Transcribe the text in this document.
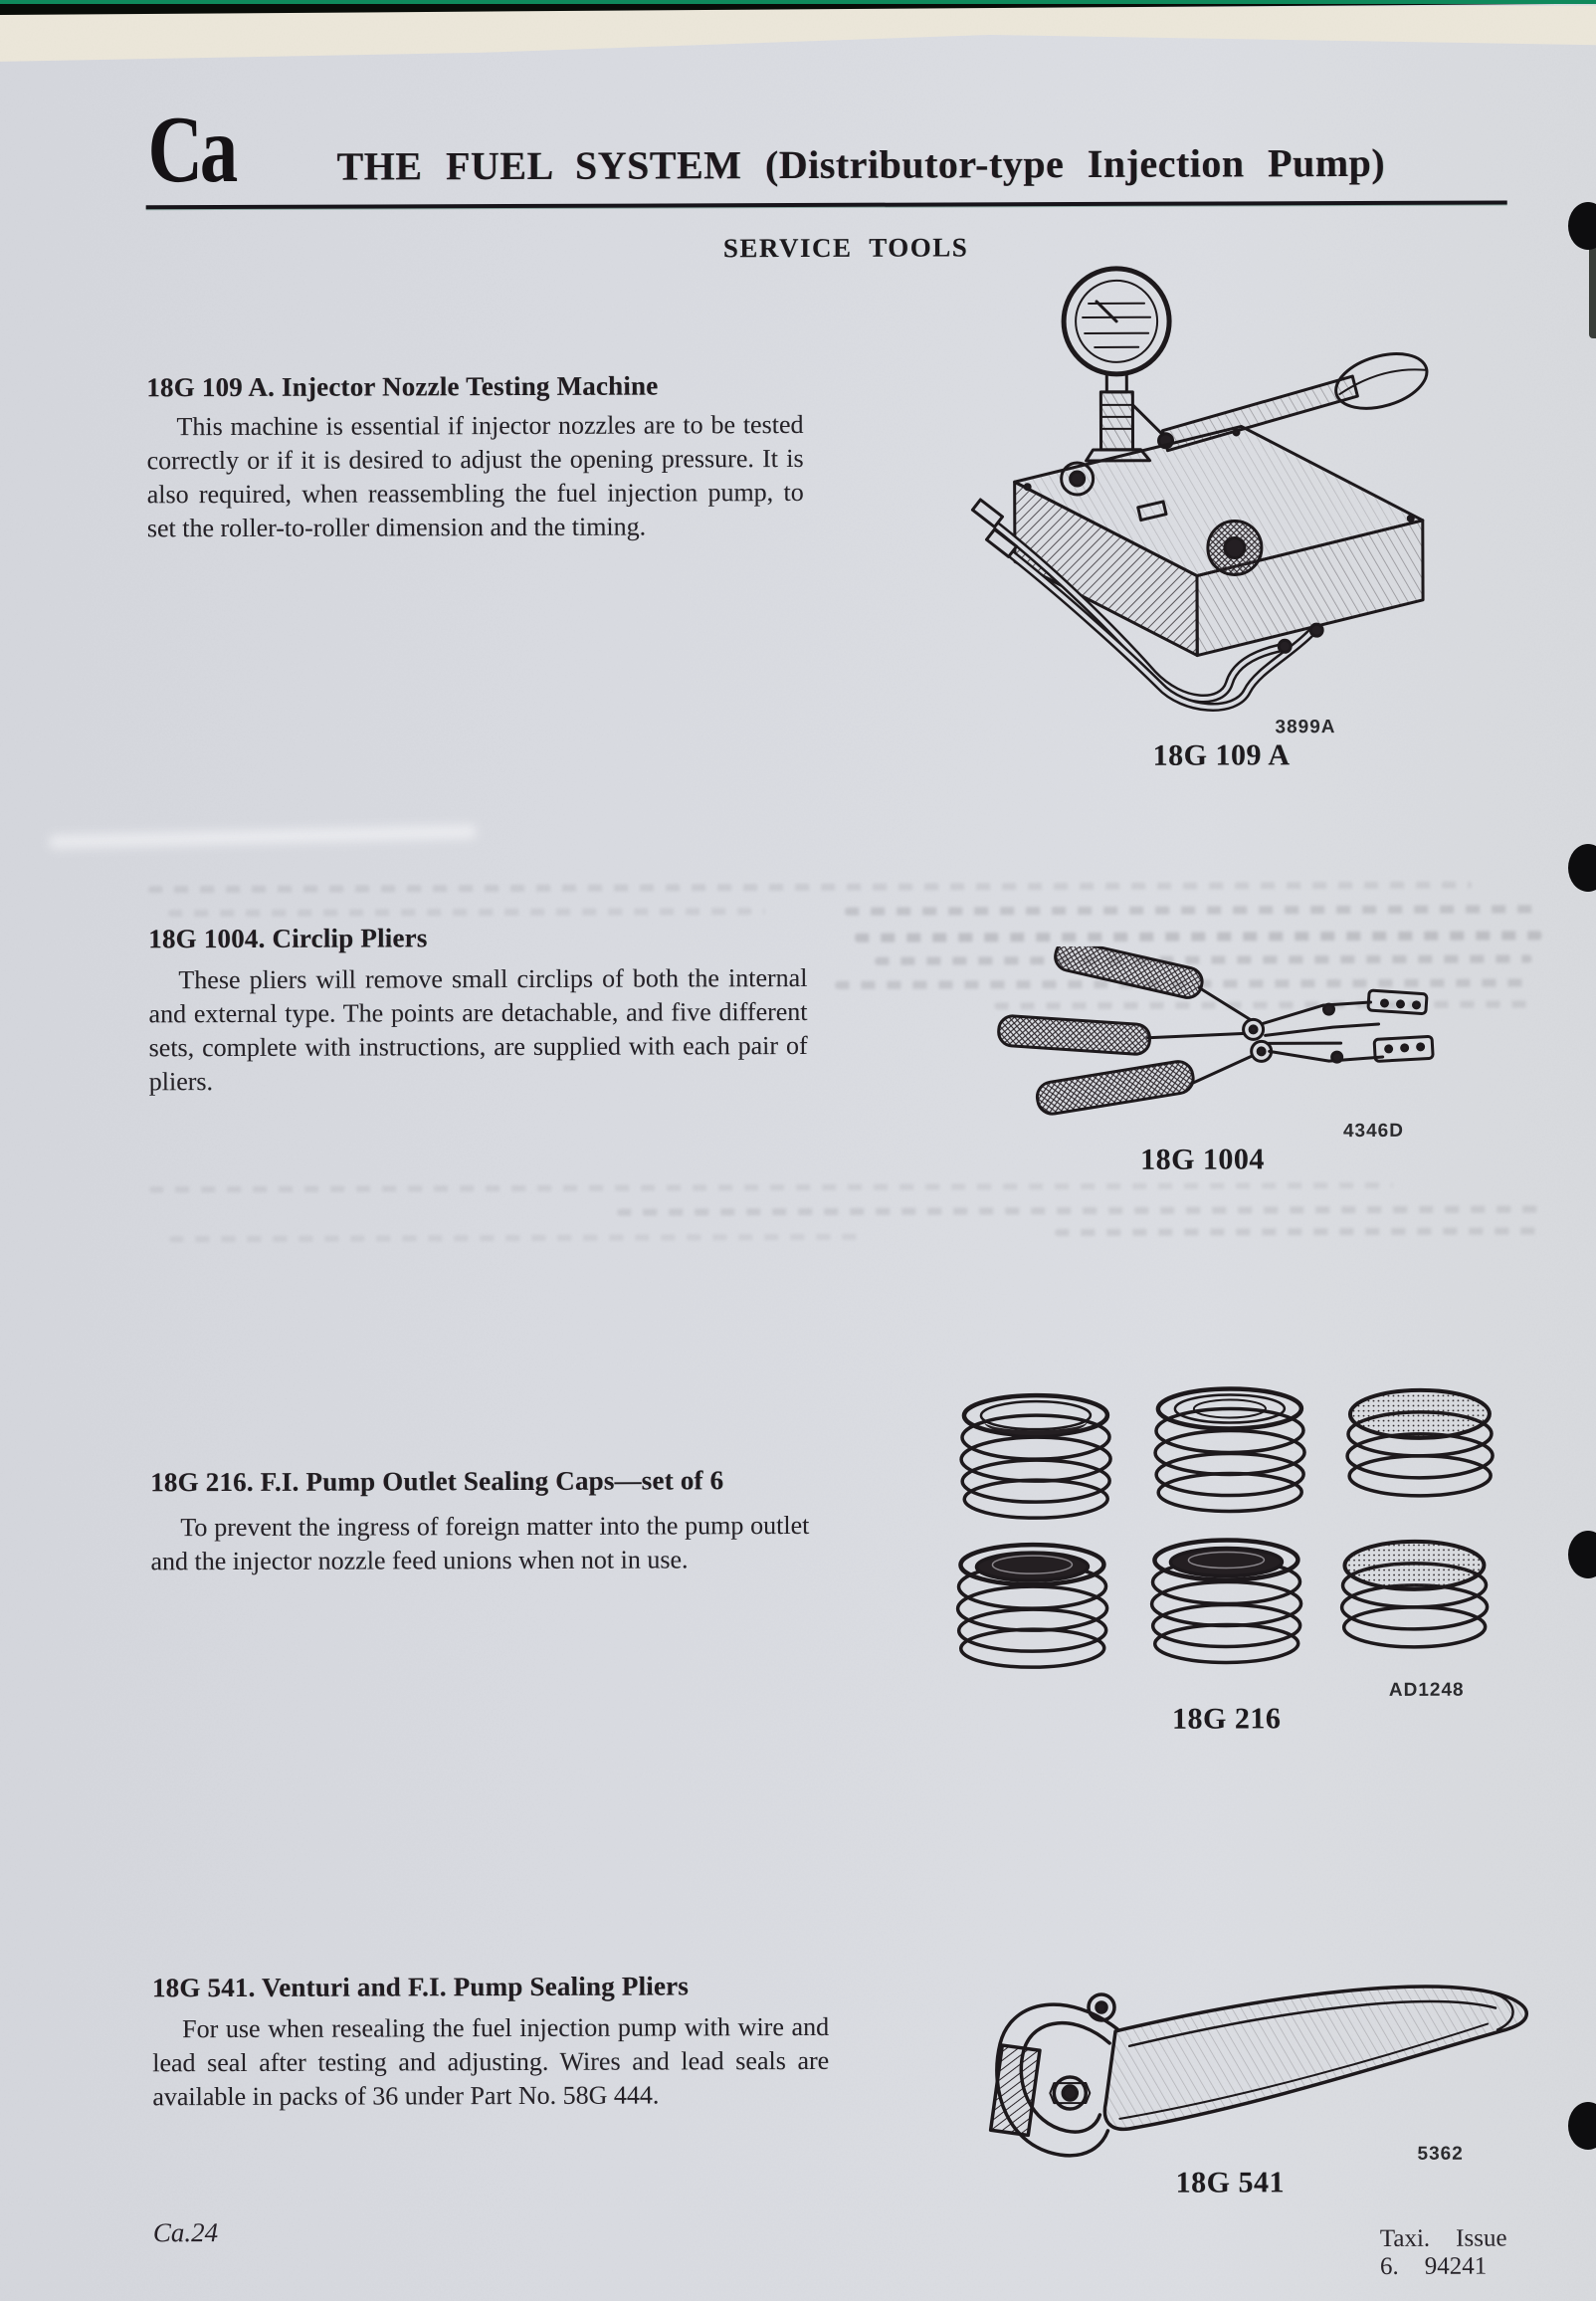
Ca	THE FUEL SYSTEM (Distributor-type Injection Pump)
SERVICE TOOLS
18G 109 A. Injector Nozzle Testing Machine
This machine is essential if injector nozzles are to be tested correctly or if it is desired to adjust the opening pressure. It is also required, when reassembling the fuel injection pump, to set the roller-to-roller dimension and the timing.
3899A
18G 109 A
18G 1004. Circlip Pliers
These pliers will remove small circlips of both the internal and external type. The points are detachable, and five different sets, complete with instructions, are supplied with each pair of pliers.
4346D
18G 1004
18G 216. F.I. Pump Outlet Sealing Caps—set of 6
To prevent the ingress of foreign matter into the pump outlet and the injector nozzle feed unions when not in use.
AD1248
18G 216
18G 541. Venturi and F.I. Pump Sealing Pliers
For use when resealing the fuel injection pump with wire and lead seal after testing and adjusting. Wires and lead seals are available in packs of 36 under Part No. 58G 444.
5362
18G 541
Ca.24	Taxi. Issue 6. 94241
